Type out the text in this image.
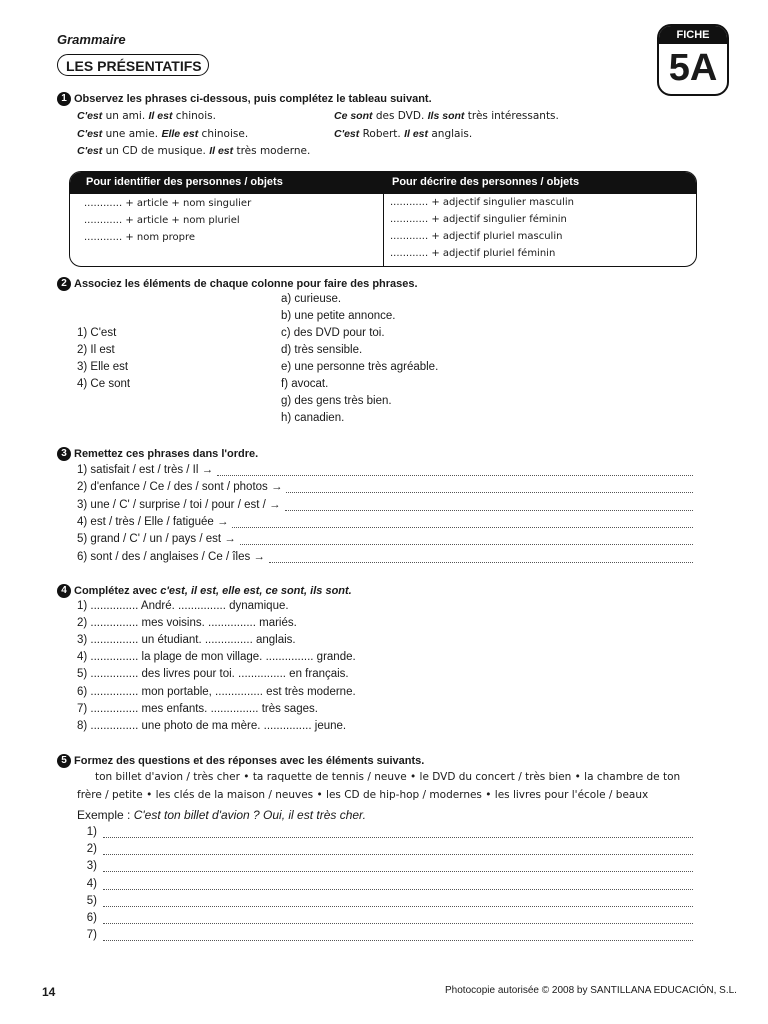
Grammaire
LES PRÉSENTATIFS
FICHE
5A
1 Observez les phrases ci-dessous, puis complétez le tableau suivant.
C'est un ami. Il est chinois.
C'est une amie. Elle est chinoise.
C'est un CD de musique. Il est très moderne.
Ce sont des DVD. Ils sont très intéressants.
C'est Robert. Il est anglais.
Pour identifier des personnes / objets	Pour décrire des personnes / objets
............ + article + nom singulier
............ + article + nom pluriel
............ + nom propre
............ + adjectif singulier masculin
............ + adjectif singulier féminin
............ + adjectif pluriel masculin
............ + adjectif pluriel féminin
2 Associez les éléments de chaque colonne pour faire des phrases.
1) C'est
2) Il est
3) Elle est
4) Ce sont
a) curieuse.
b) une petite annonce.
c) des DVD pour toi.
d) très sensible.
e) une personne très agréable.
f) avocat.
g) des gens très bien.
h) canadien.
3 Remettez ces phrases dans l'ordre.
1) satisfait / est / très / Il →
2) d'enfance / Ce / des / sont / photos →
3) une / C' / surprise / toi / pour / est / →
4) est / très / Elle / fatiguée →
5) grand / C' / un / pays / est →
6) sont / des / anglaises / Ce / îles →
4 Complétez avec c'est, il est, elle est, ce sont, ils sont.
1) ............... André. ............... dynamique.
2) ............... mes voisins. ............... mariés.
3) ............... un étudiant. ............... anglais.
4) ............... la plage de mon village. ............... grande.
5) ............... des livres pour toi. ............... en français.
6) ............... mon portable, ............... est très moderne.
7) ............... mes enfants. ............... très sages.
8) ............... une photo de ma mère. ............... jeune.
5 Formez des questions et des réponses avec les éléments suivants.
ton billet d'avion / très cher • ta raquette de tennis / neuve • le DVD du concert / très bien • la chambre de ton
frère / petite • les clés de la maison / neuves • les CD de hip-hop / modernes • les livres pour l'école / beaux
Exemple : C'est ton billet d'avion ? Oui, il est très cher.
1)
2)
3)
4)
5)
6)
7)
14	Photocopie autorisée © 2008 by SANTILLANA EDUCACIÓN, S.L.
